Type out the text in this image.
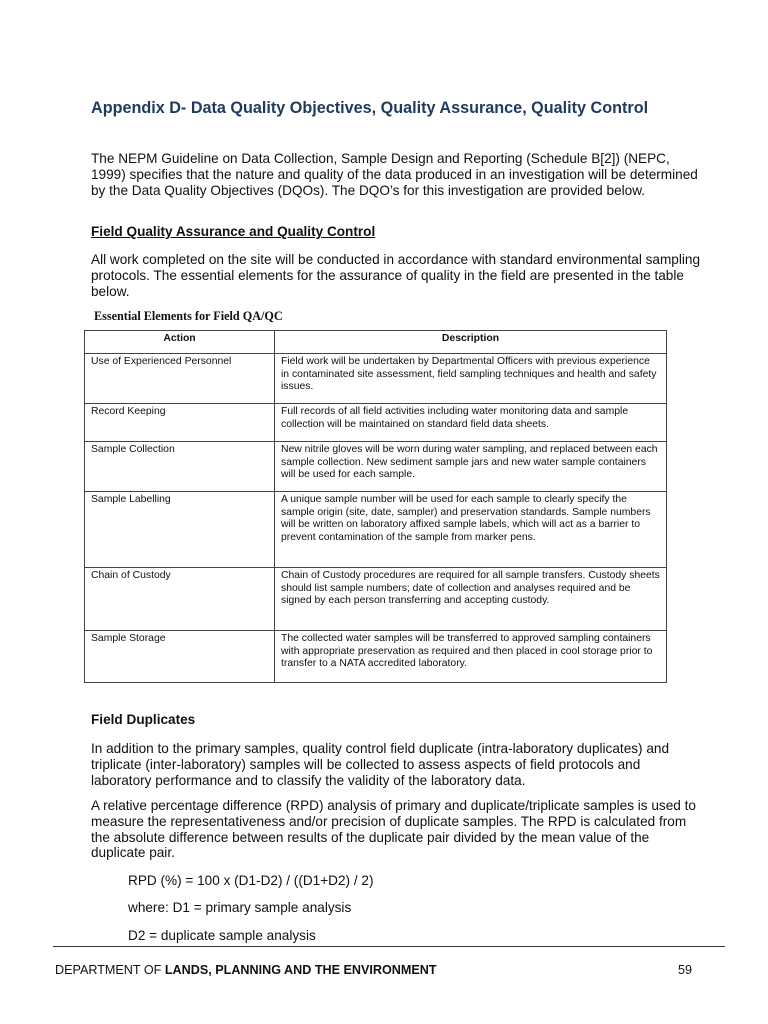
Appendix D- Data Quality Objectives, Quality Assurance, Quality Control

The NEPM Guideline on Data Collection, Sample Design and Reporting (Schedule B[2]) (NEPC, 1999) specifies that the nature and quality of the data produced in an investigation will be determined by the Data Quality Objectives (DQOs). The DQO’s for this investigation are provided below.

Field Quality Assurance and Quality Control

All work completed on the site will be conducted in accordance with standard environmental sampling protocols. The essential elements for the assurance of quality in the field are presented in the table below.

Essential Elements for Field QA/QC

Action	Description
Use of Experienced Personnel	Field work will be undertaken by Departmental Officers with previous experience in contaminated site assessment, field sampling techniques and health and safety issues.
Record Keeping	Full records of all field activities including water monitoring data and sample collection will be maintained on standard field data sheets.
Sample Collection	New nitrile gloves will be worn during water sampling, and replaced between each sample collection. New sediment sample jars and new water sample containers will be used for each sample.
Sample Labelling	A unique sample number will be used for each sample to clearly specify the sample origin (site, date, sampler) and preservation standards. Sample numbers will be written on laboratory affixed sample labels, which will act as a barrier to prevent contamination of the sample from marker pens.
Chain of Custody	Chain of Custody procedures are required for all sample transfers. Custody sheets should list sample numbers; date of collection and analyses required and be signed by each person transferring and accepting custody.
Sample Storage	The collected water samples will be transferred to approved sampling containers with appropriate preservation as required and then placed in cool storage prior to transfer to a NATA accredited laboratory.

Field Duplicates

In addition to the primary samples, quality control field duplicate (intra-laboratory duplicates) and triplicate (inter-laboratory) samples will be collected to assess aspects of field protocols and laboratory performance and to classify the validity of the laboratory data.

A relative percentage difference (RPD) analysis of primary and duplicate/triplicate samples is used to measure the representativeness and/or precision of duplicate samples. The RPD is calculated from the absolute difference between results of the duplicate pair divided by the mean value of the duplicate pair.

RPD (%) = 100 x (D1-D2) / ((D1+D2) / 2)

where: D1 = primary sample analysis

D2 = duplicate sample analysis

DEPARTMENT OF LANDS, PLANNING AND THE ENVIRONMENT	59
